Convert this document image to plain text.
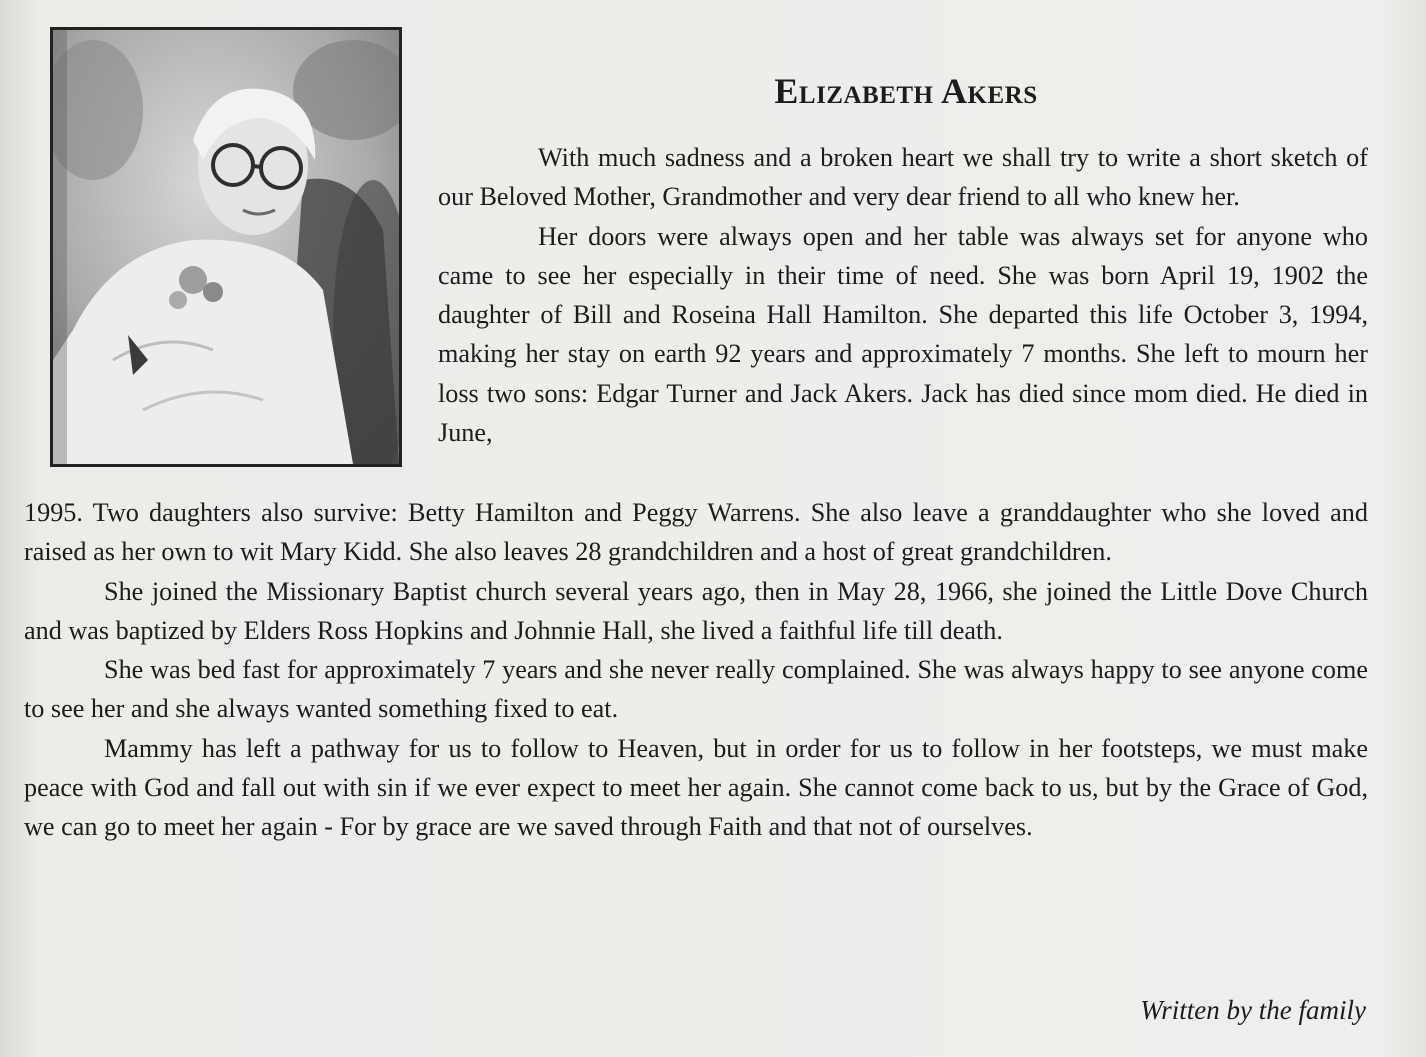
Elizabeth Akers

With much sadness and a broken heart we shall try to write a short sketch of our Beloved Mother, Grandmother and very dear friend to all who knew her.

Her doors were always open and her table was always set for anyone who came to see her especially in their time of need. She was born April 19, 1902 the daughter of Bill and Roseina Hall Hamilton. She departed this life October 3, 1994, making her stay on earth 92 years and approximately 7 months. She left to mourn her loss two sons: Edgar Turner and Jack Akers. Jack has died since mom died. He died in June,

1995. Two daughters also survive: Betty Hamilton and Peggy Warrens. She also leave a granddaughter who she loved and raised as her own to wit Mary Kidd. She also leaves 28 grandchildren and a host of great grandchildren.

She joined the Missionary Baptist church several years ago, then in May 28, 1966, she joined the Little Dove Church and was baptized by Elders Ross Hopkins and Johnnie Hall, she lived a faithful life till death.

She was bed fast for approximately 7 years and she never really complained. She was always happy to see anyone come to see her and she always wanted something fixed to eat.

Mammy has left a pathway for us to follow to Heaven, but in order for us to follow in her footsteps, we must make peace with God and fall out with sin if we ever expect to meet her again. She cannot come back to us, but by the Grace of God, we can go to meet her again - For by grace are we saved through Faith and that not of ourselves.

Written by the family
